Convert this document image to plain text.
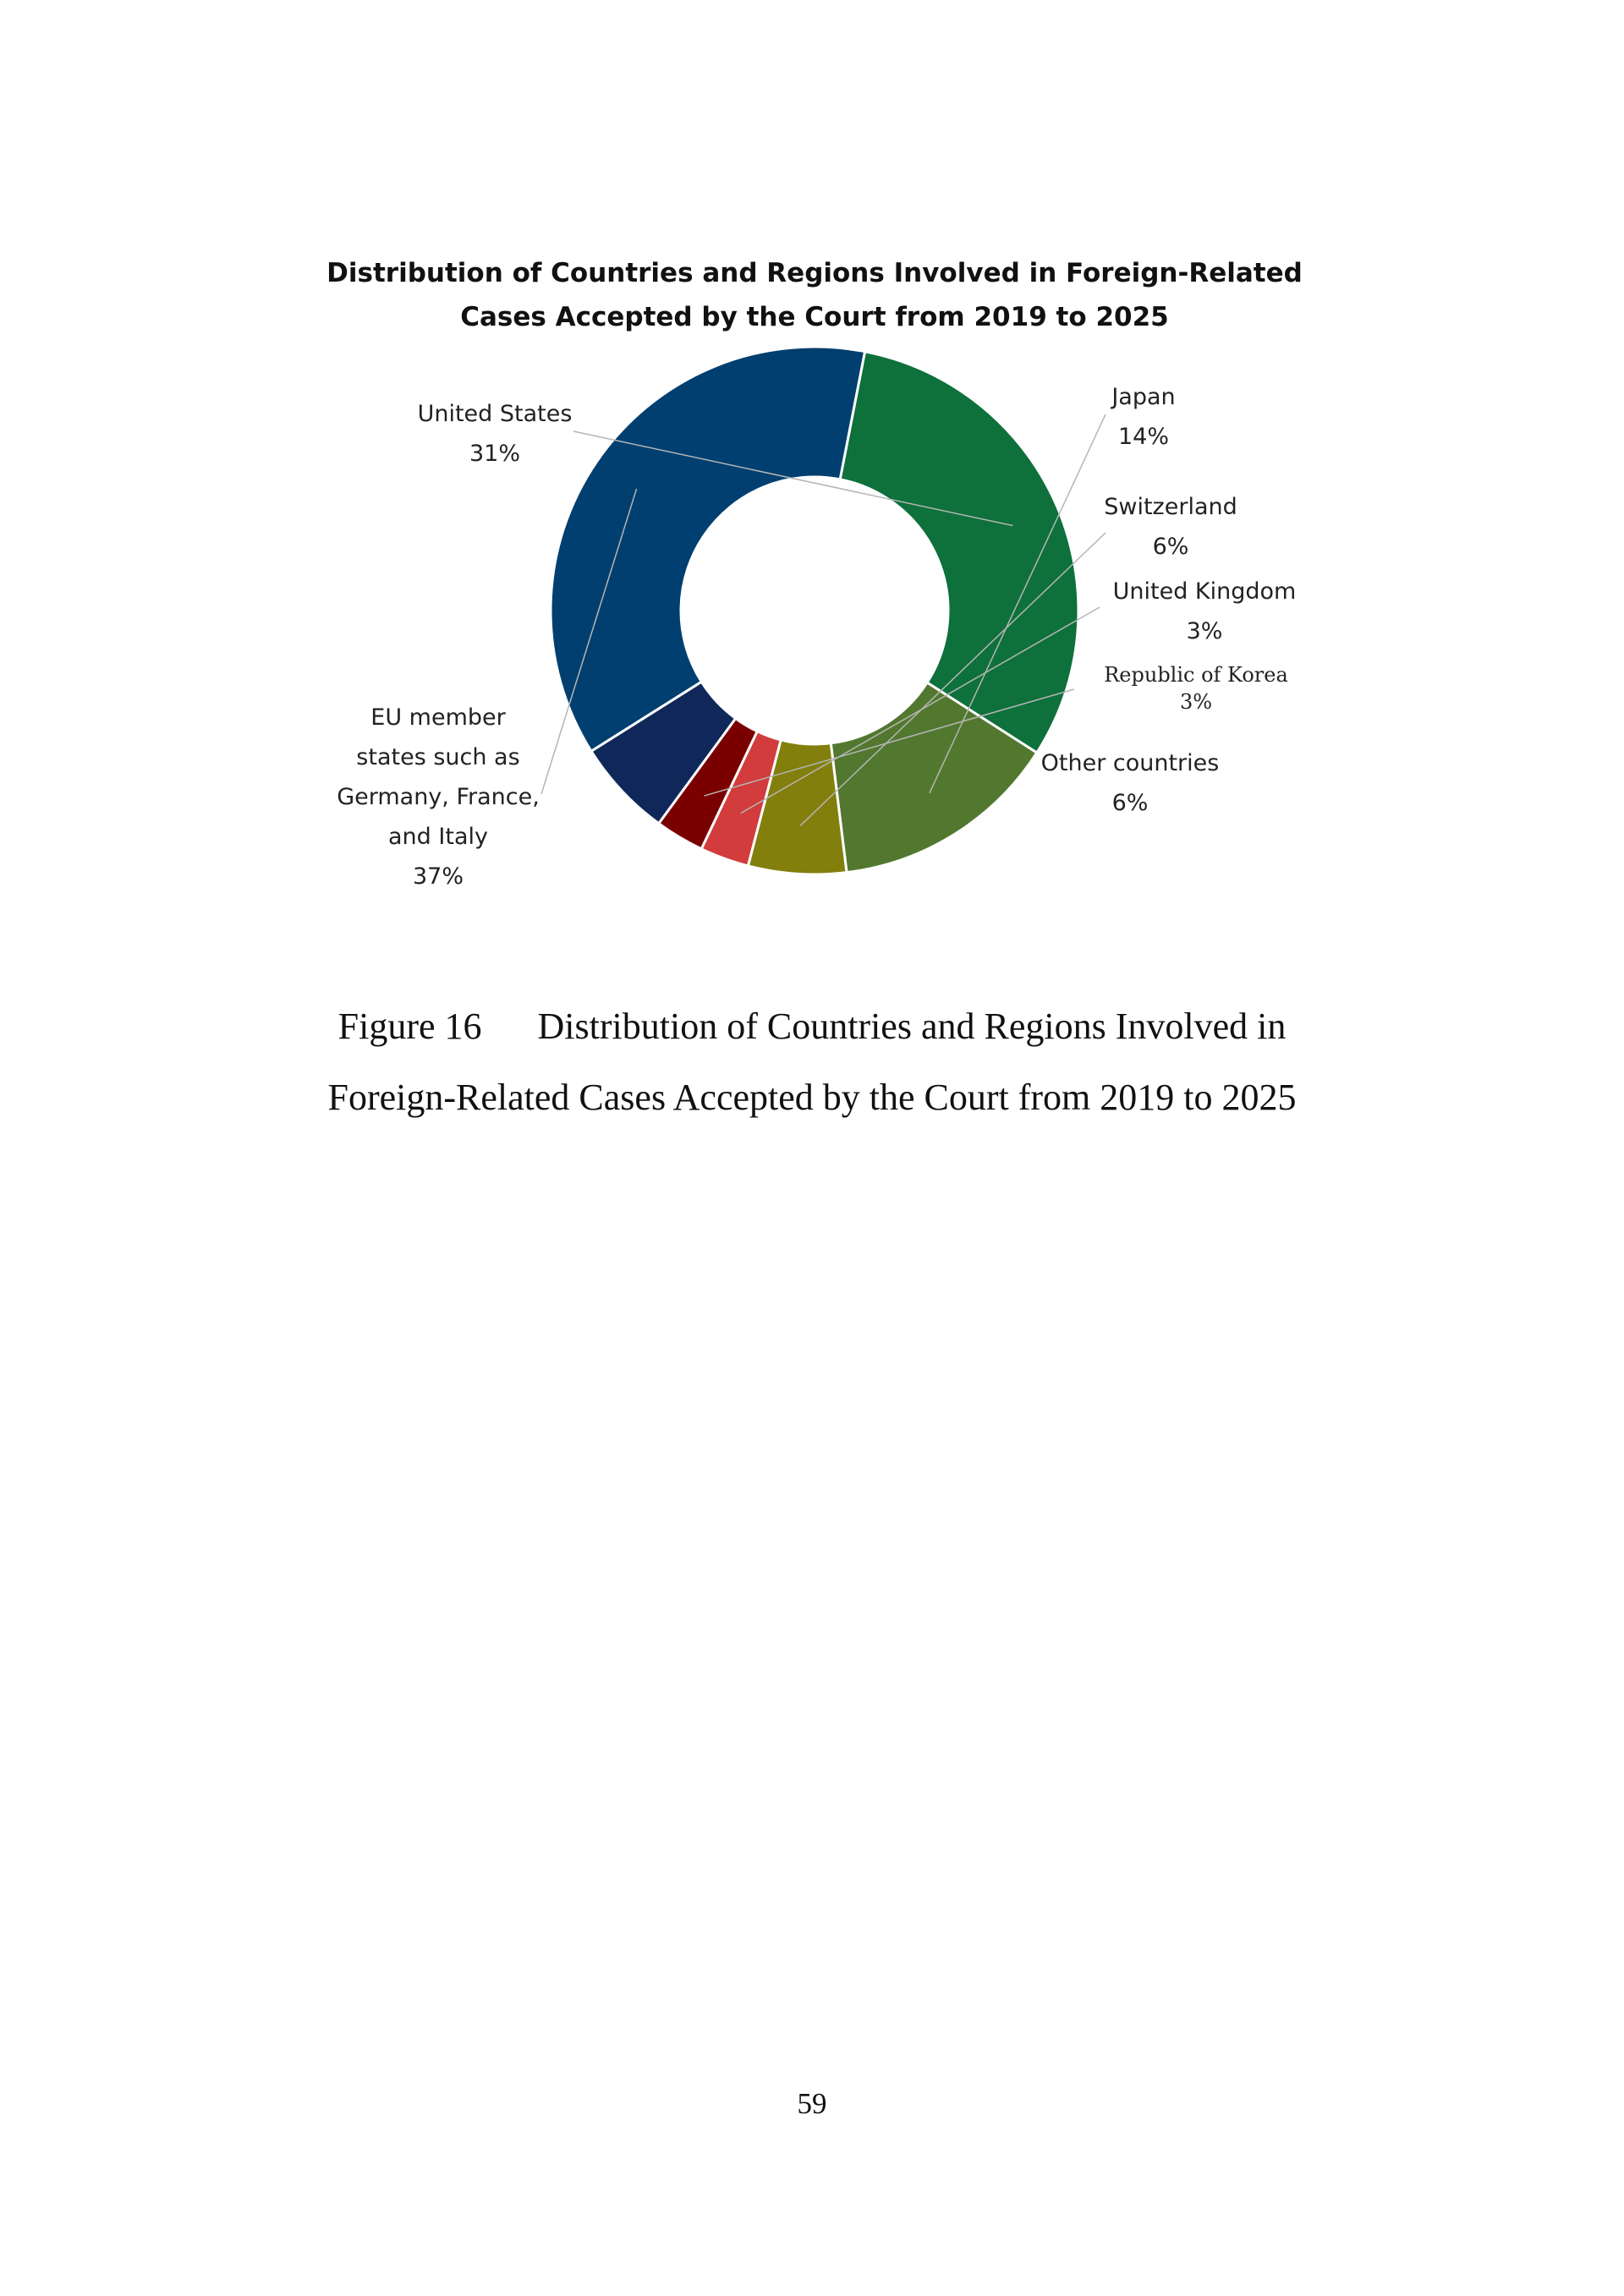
Distribution of Countries and Regions Involved in Foreign-Related
Cases Accepted by the Court from 2019 to 2025
United States
31%
Japan
14%
Switzerland
6%
United Kingdom
3%
Republic of Korea
3%
Other countries
6%
EU member
states such as
Germany, France,
and Italy
37%

Figure 16 Distribution of Countries and Regions Involved in

Foreign-Related Cases Accepted by the Court from 2019 to 2025

59
